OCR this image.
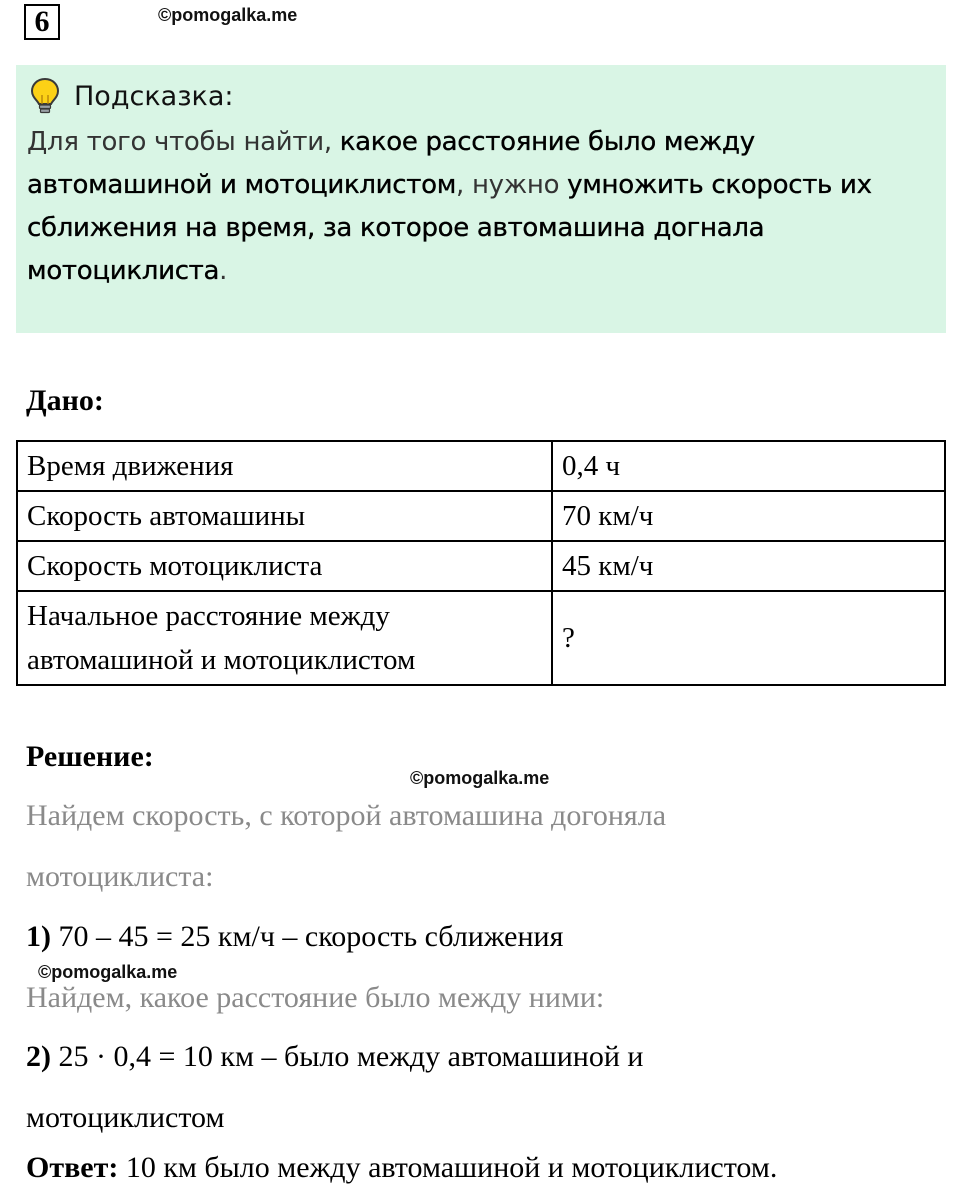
6	©pomogalka.me
Подсказка:
Для того чтобы найти, какое расстояние было между автомашиной и мотоциклистом, нужно умножить скорость их сближения на время, за которое автомашина догнала мотоциклиста.
Дано:
Время движения	0,4 ч
Скорость автомашины	70 км/ч
Скорость мотоциклиста	45 км/ч

Начальное расстояние между
автомашиной и мотоциклистом	?
Решение:
©pomogalka.me
Найдем скорость, с которой автомашина догоняла
мотоциклиста:
1) 70 – 45 = 25 км/ч – скорость сближения
©pomogalka.me
Найдем, какое расстояние было между ними:
2) 25 · 0,4 = 10 км – было между автомашиной и
мотоциклистом
Ответ: 10 км было между автомашиной и мотоциклистом.
